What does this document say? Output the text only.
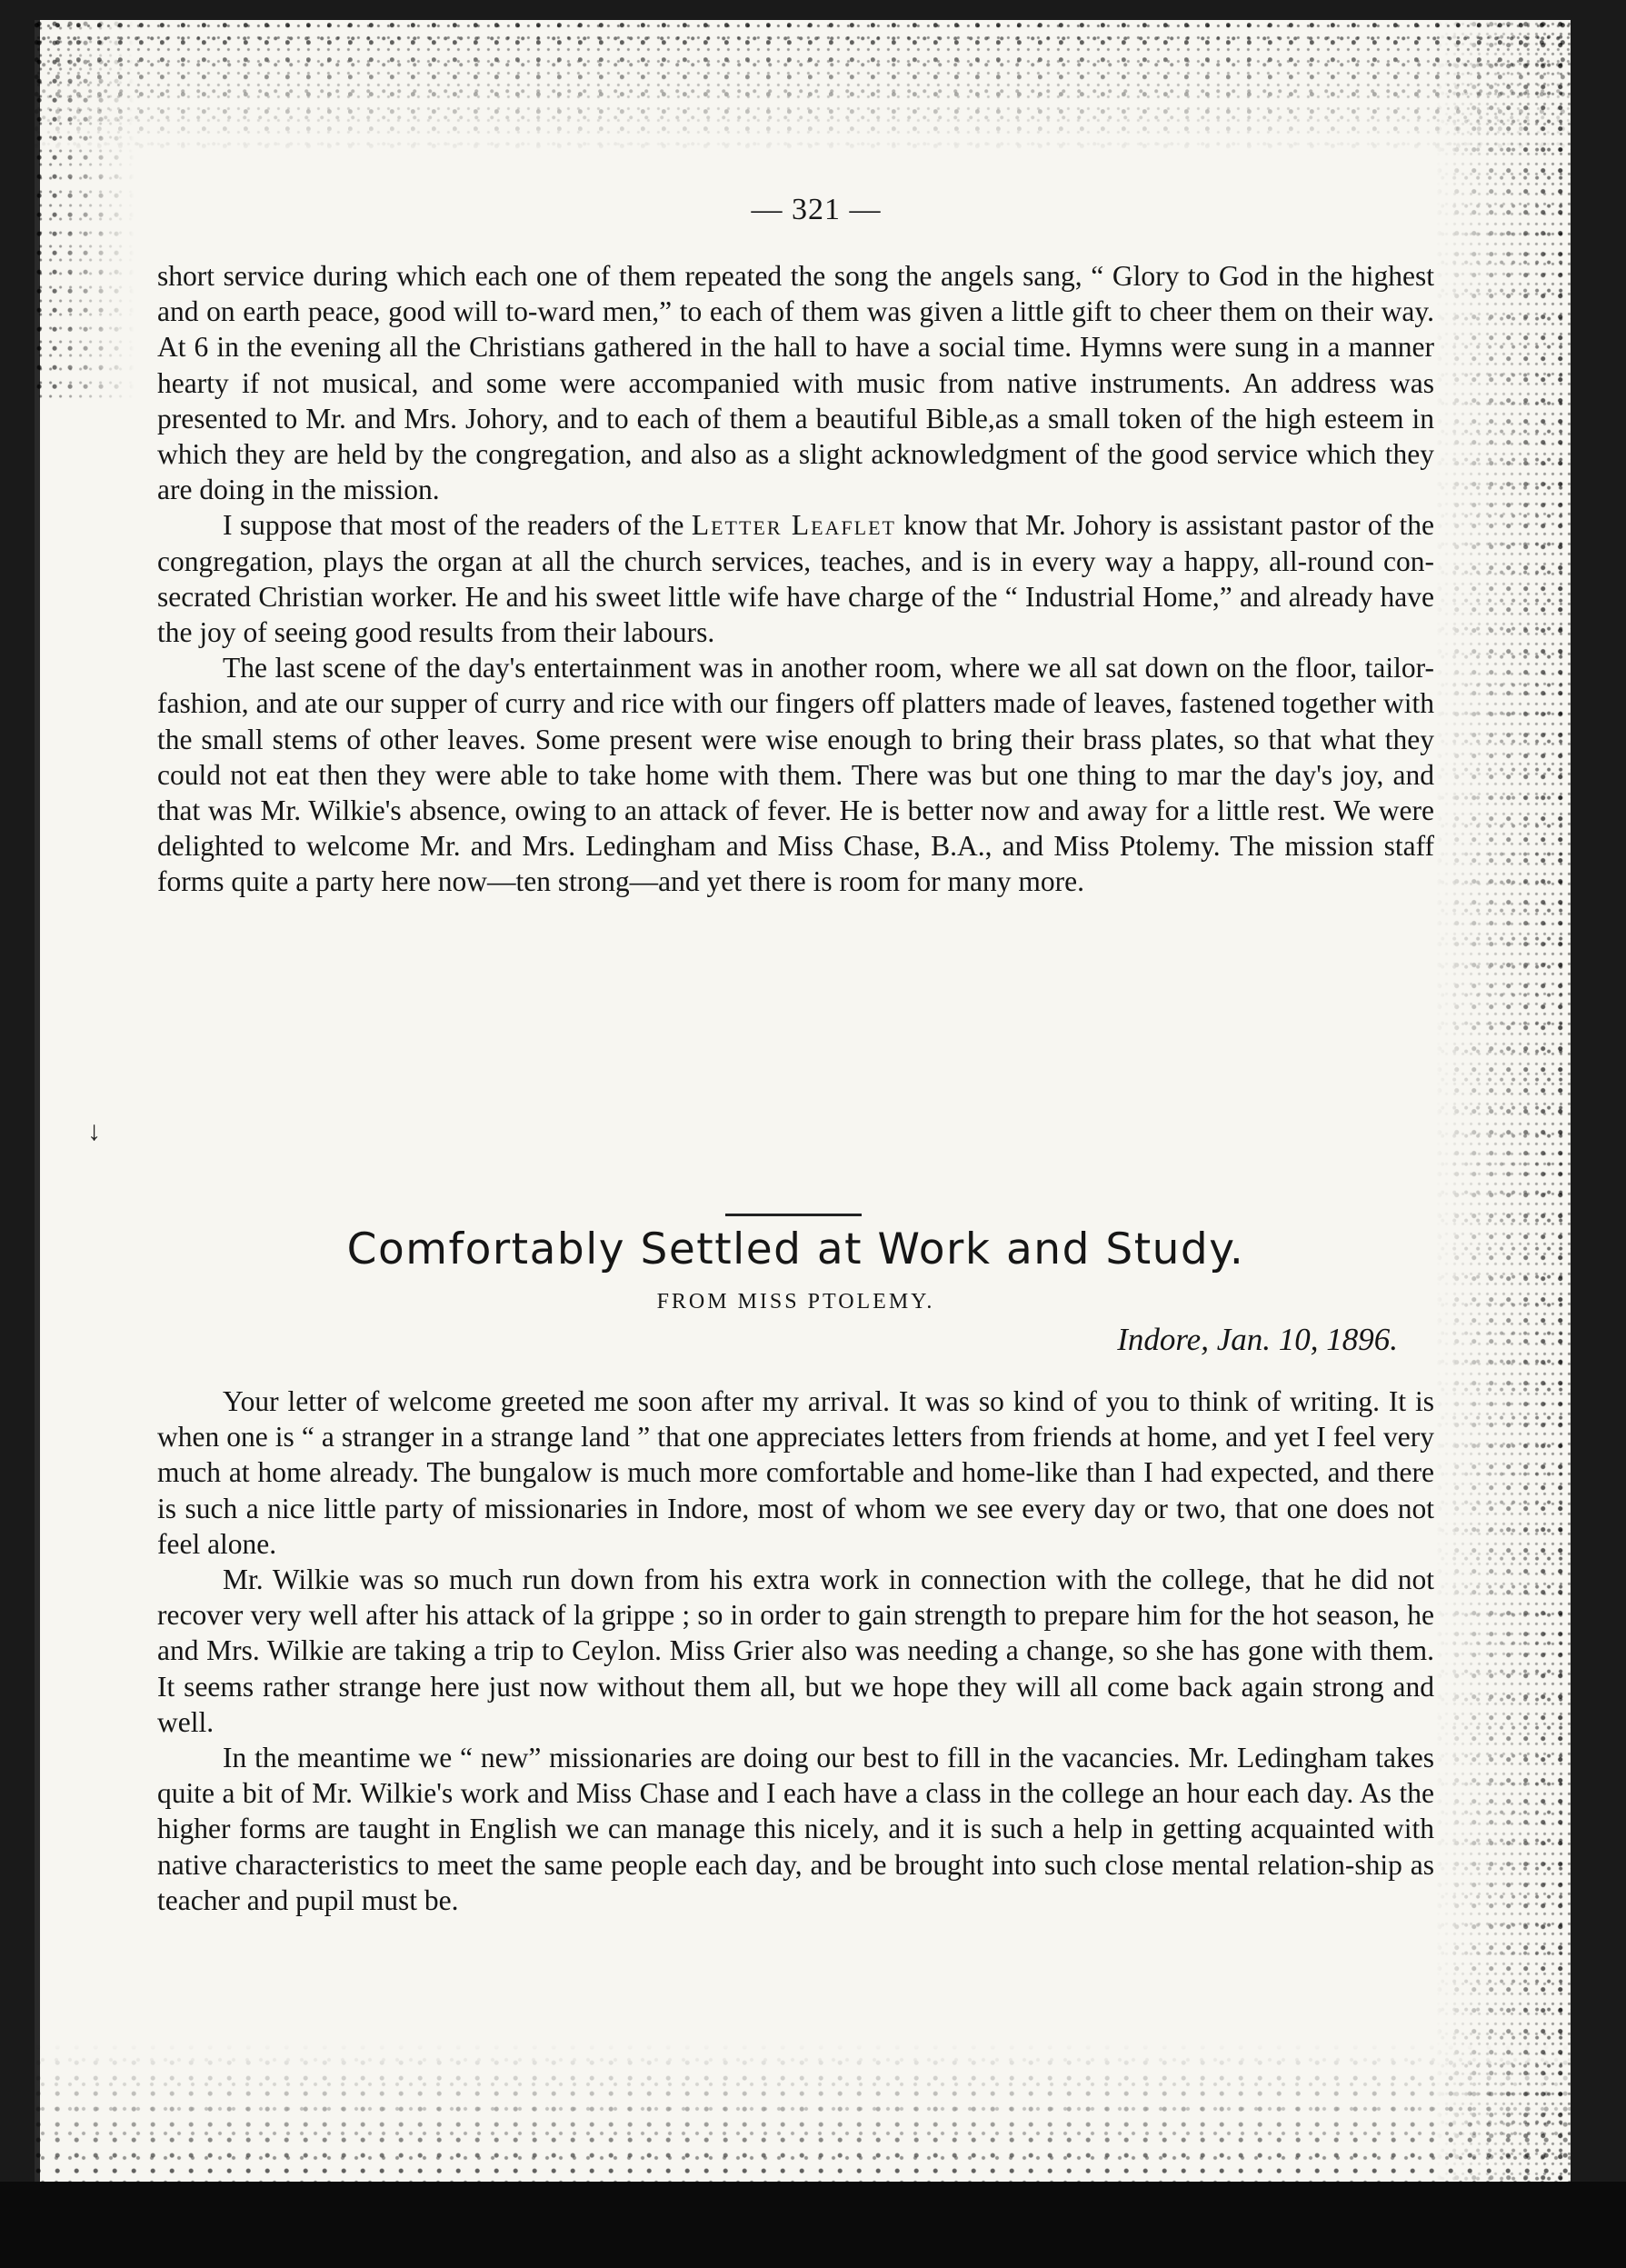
— 321 —

short service during which each one of them repeated the song the angels sang, “ Glory to God in the highest and on earth peace, good will to-ward men,” to each of them was given a little gift to cheer them on their way. At 6 in the evening all the Christians gathered in the hall to have a social time. Hymns were sung in a manner hearty if not musical, and some were accompanied with music from native instruments. An address was presented to Mr. and Mrs. Johory, and to each of them a beautiful Bible,as a small token of the high esteem in which they are held by the congregation, and also as a slight acknowledgment of the good service which they are doing in the mission.

I suppose that most of the readers of the Letter Leaflet know that Mr. Johory is assistant pastor of the congregation, plays the organ at all the church services, teaches, and is in every way a happy, all-round con-secrated Christian worker. He and his sweet little wife have charge of the “ Industrial Home,” and already have the joy of seeing good results from their labours.

The last scene of the day's entertainment was in another room, where we all sat down on the floor, tailor-fashion, and ate our supper of curry and rice with our fingers off platters made of leaves, fastened together with the small stems of other leaves. Some present were wise enough to bring their brass plates, so that what they could not eat then they were able to take home with them. There was but one thing to mar the day's joy, and that was Mr. Wilkie's absence, owing to an attack of fever. He is better now and away for a little rest. We were delighted to welcome Mr. and Mrs. Ledingham and Miss Chase, B.A., and Miss Ptolemy. The mission staff forms quite a party here now—ten strong—and yet there is room for many more.

Comfortably Settled at Work and Study.
FROM MISS PTOLEMY.
Indore, Jan. 10, 1896.

Your letter of welcome greeted me soon after my arrival. It was so kind of you to think of writing. It is when one is “ a stranger in a strange land ” that one appreciates letters from friends at home, and yet I feel very much at home already. The bungalow is much more comfortable and home-like than I had expected, and there is such a nice little party of missionaries in Indore, most of whom we see every day or two, that one does not feel alone.

Mr. Wilkie was so much run down from his extra work in connection with the college, that he did not recover very well after his attack of la grippe ; so in order to gain strength to prepare him for the hot season, he and Mrs. Wilkie are taking a trip to Ceylon. Miss Grier also was needing a change, so she has gone with them. It seems rather strange here just now without them all, but we hope they will all come back again strong and well.

In the meantime we “ new” missionaries are doing our best to fill in the vacancies. Mr. Ledingham takes quite a bit of Mr. Wilkie's work and Miss Chase and I each have a class in the college an hour each day. As the higher forms are taught in English we can manage this nicely, and it is such a help in getting acquainted with native characteristics to meet the same people each day, and be brought into such close mental relation-ship as teacher and pupil must be.

↓
